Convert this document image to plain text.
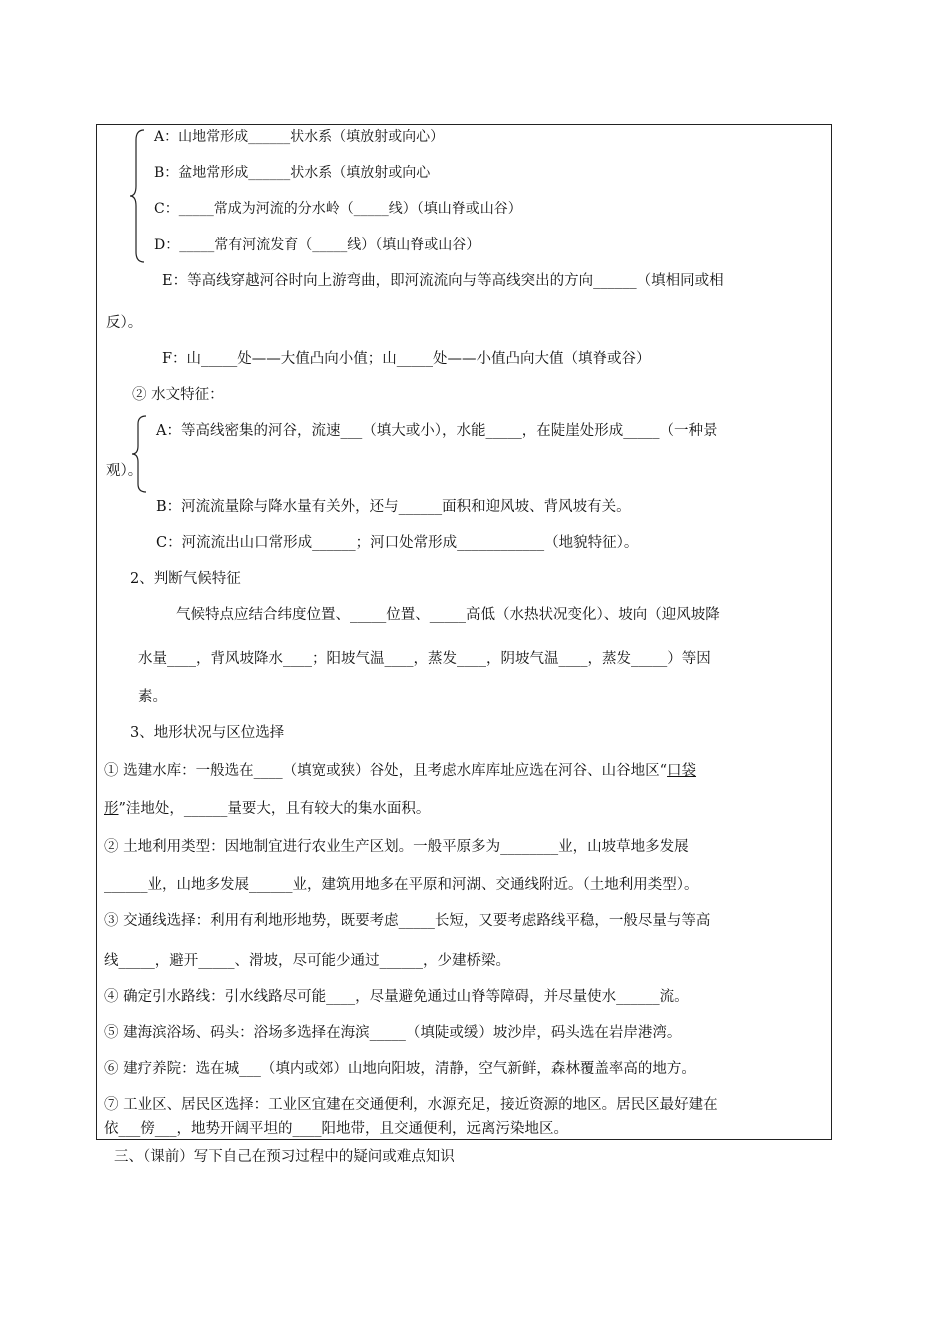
A：山地常形成______状水系（填放射或向心）
B：盆地常形成______状水系（填放射或向心
C：_____常成为河流的分水岭（_____线）（填山脊或山谷）
D：_____常有河流发育（_____线）（填山脊或山谷）
E：等高线穿越河谷时向上游弯曲，即河流流向与等高线突出的方向______（填相同或相
反）。
F：山_____处——大值凸向小值；山_____处——小值凸向大值（填脊或谷）
② 水文特征：
A：等高线密集的河谷，流速___（填大或小），水能_____，在陡崖处形成_____（一种景
观）。
B：河流流量除与降水量有关外，还与______面积和迎风坡、背风坡有关。
C：河流流出山口常形成______；河口处常形成____________（地貌特征）。
2、判断气候特征
气候特点应结合纬度位置、_____位置、_____高低（水热状况变化）、坡向（迎风坡降
水量____，背风坡降水____；阳坡气温____，蒸发____，阴坡气温____，蒸发_____）等因
素。
3、地形状况与区位选择
① 选建水库：一般选在____（填宽或狭）谷处，且考虑水库库址应选在河谷、山谷地区“口袋
形”洼地处，______量要大，且有较大的集水面积。
② 土地利用类型：因地制宜进行农业生产区划。一般平原多为________业，山坡草地多发展
______业，山地多发展______业，建筑用地多在平原和河湖、交通线附近。（土地利用类型）。
③ 交通线选择：利用有利地形地势，既要考虑_____长短，又要考虑路线平稳，一般尽量与等高
线_____，避开_____、滑坡，尽可能少通过______，少建桥梁。
④ 确定引水路线：引水线路尽可能____，尽量避免通过山脊等障碍，并尽量使水______流。
⑤ 建海滨浴场、码头：浴场多选择在海滨_____（填陡或缓）坡沙岸，码头选在岩岸港湾。
⑥ 建疗养院：选在城___（填内或郊）山地向阳坡，清静，空气新鲜，森林覆盖率高的地方。
⑦ 工业区、居民区选择：工业区宜建在交通便利，水源充足，接近资源的地区。居民区最好建在
依___傍___，地势开阔平坦的____阳地带，且交通便利，远离污染地区。
三、（课前）写下自己在预习过程中的疑问或难点知识
